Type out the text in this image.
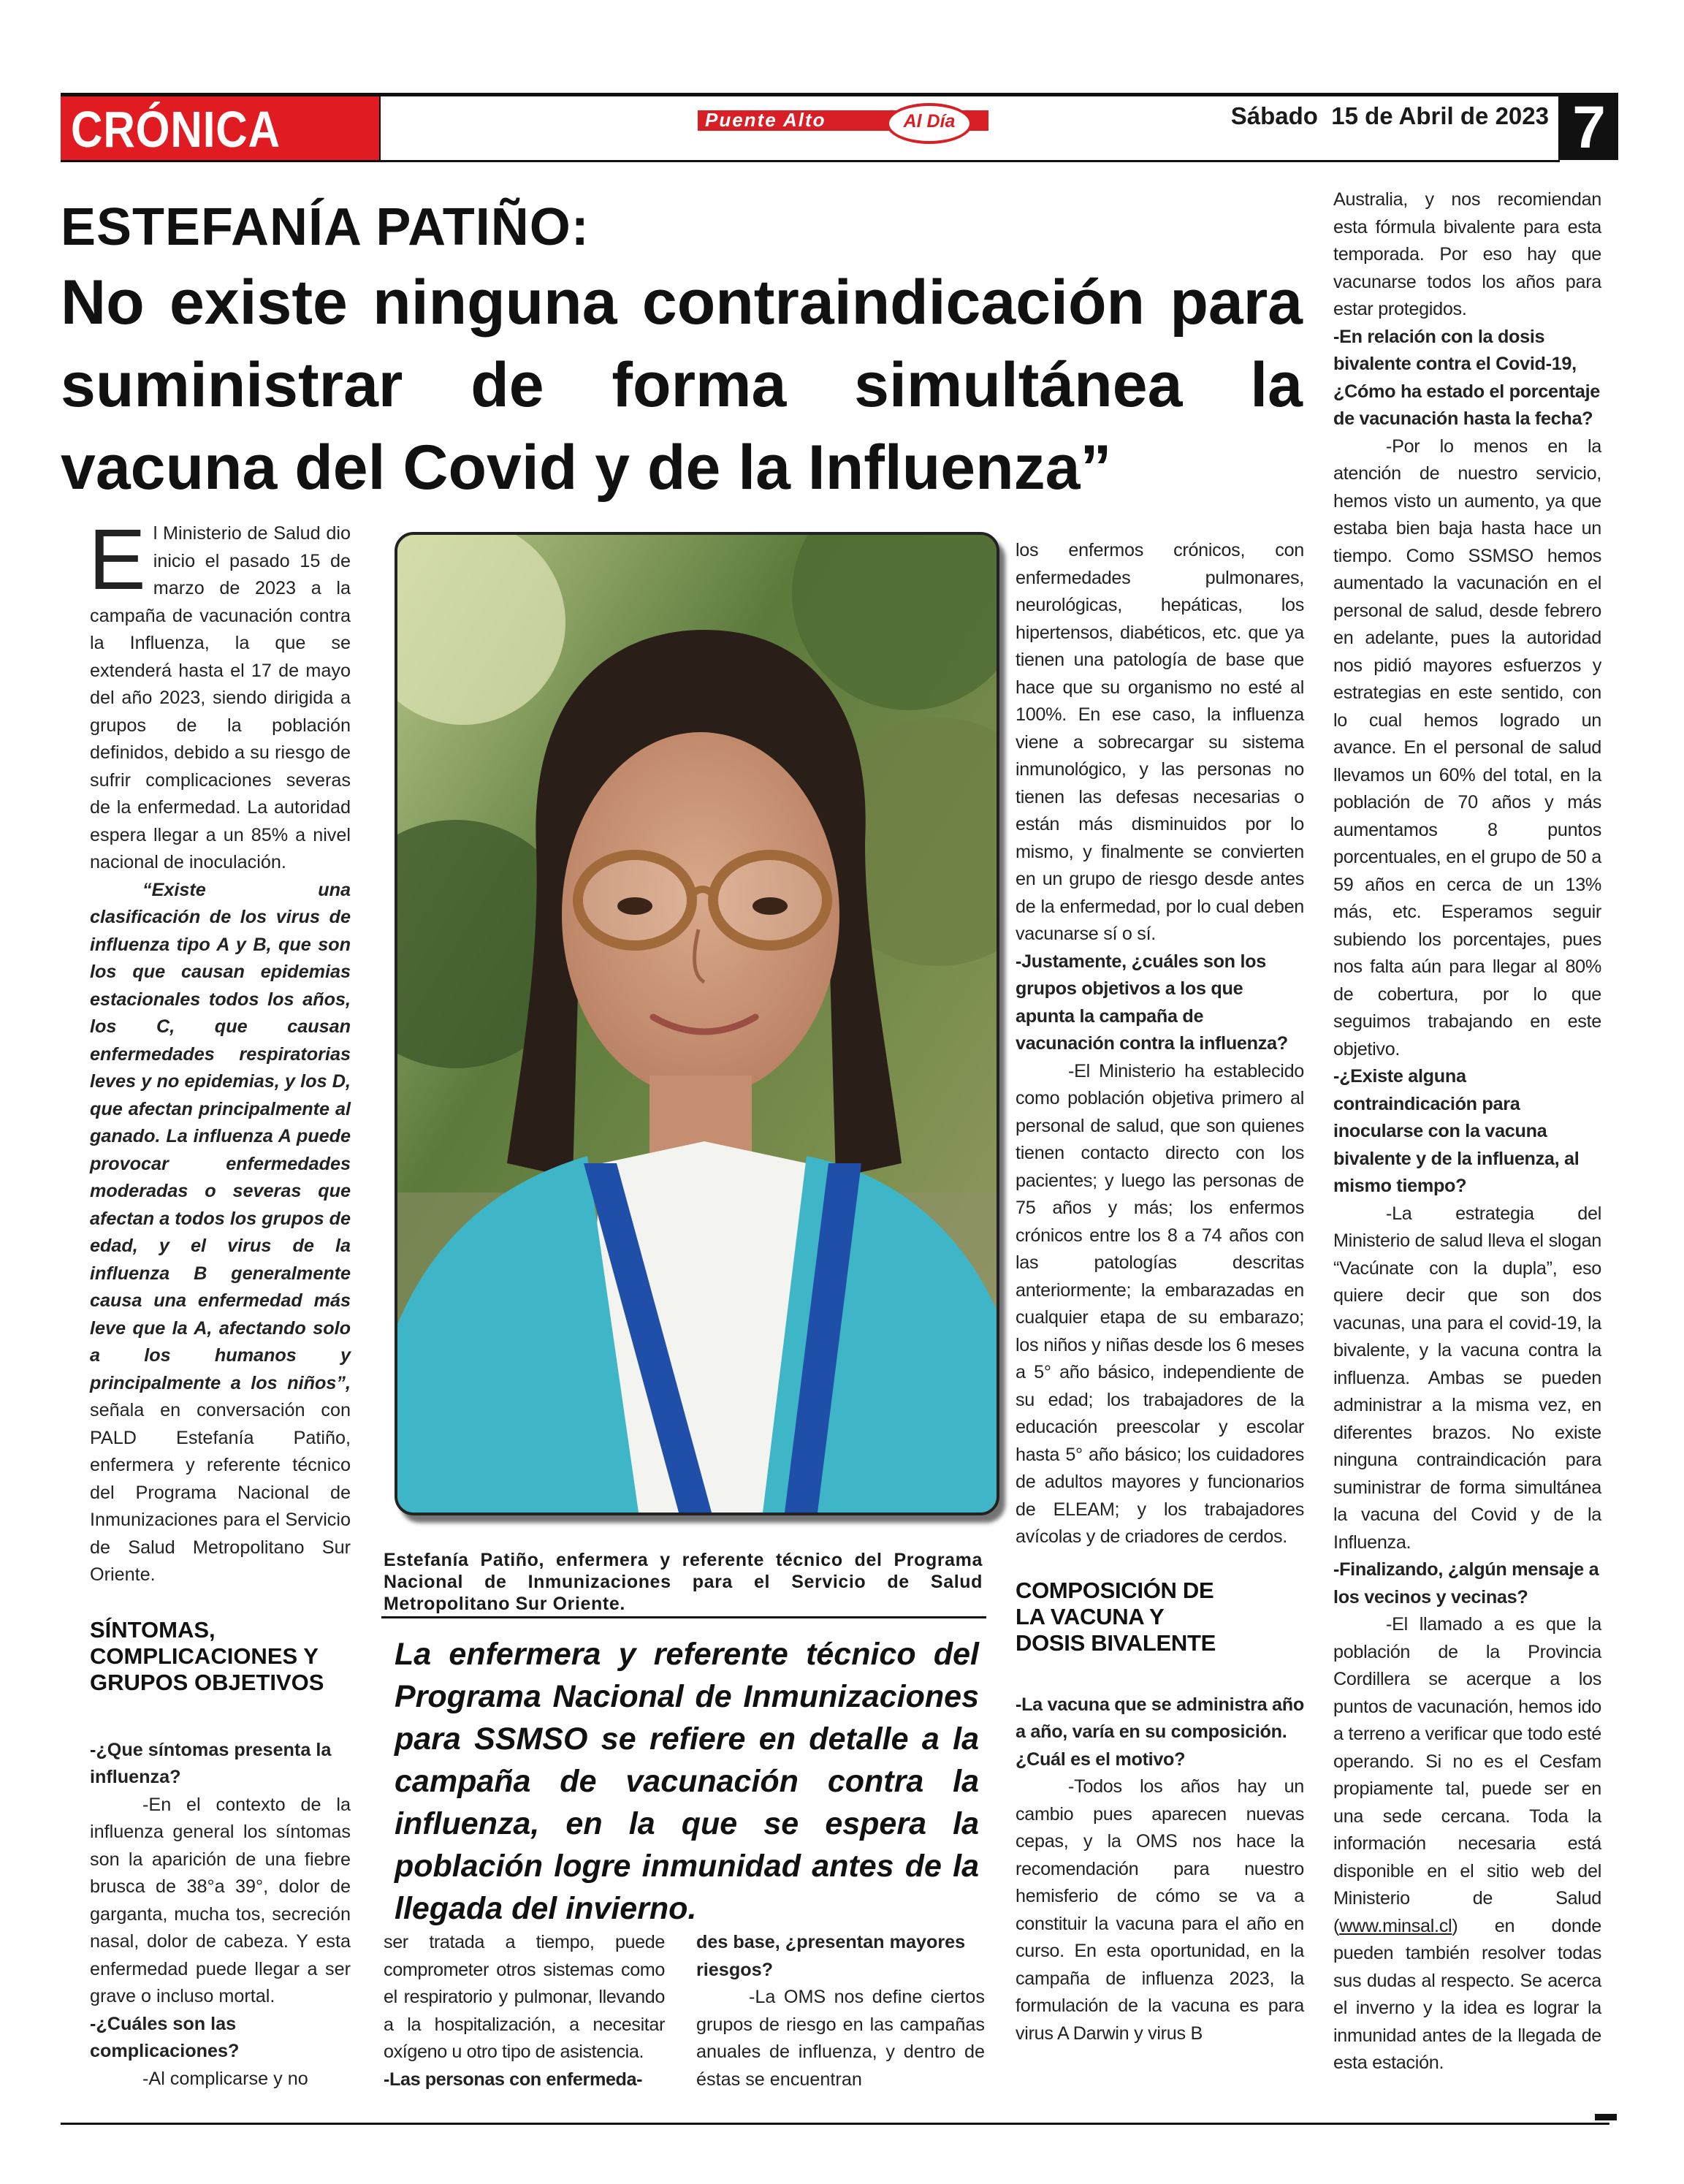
CRÓNICA	Puente Alto	Al Día	Sábado  15 de Abril de 2023 7
ESTEFANÍA PATIÑO:
No existe ninguna contraindicación para suministrar de forma simultánea la vacuna del Covid y de la Influenza”

El Ministerio de Salud dio inicio el pasado 15 de marzo de 2023 a la campaña de vacunación contra la Influenza, la que se extenderá hasta el 17 de mayo del año 2023, siendo dirigida a grupos de la población definidos, debido a su riesgo de sufrir complicaciones severas de la enfermedad. La autoridad espera llegar a un 85% a nivel nacional de inoculación.

“Existe una clasificación de los virus de influenza tipo A y B, que son los que causan epidemias estacionales todos los años, los C, que causan enfermedades respiratorias leves y no epidemias, y los D, que afectan principalmente al ganado. La influenza A puede provocar enfermedades moderadas o severas que afectan a todos los grupos de edad, y el virus de la influenza B generalmente causa una enfermedad más leve que la A, afectando solo a los humanos y principalmente a los niños”, señala en conversación con PALD Estefanía Patiño, enfermera y referente técnico del Programa Nacional de Inmunizaciones para el Servicio de Salud Metropolitano Sur Oriente.

SÍNTOMAS, COMPLICACIONES Y GRUPOS OBJETIVOS

-¿Que síntomas presenta la influenza?

-En el contexto de la influenza general los síntomas son la aparición de una fiebre brusca de 38°a 39°, dolor de garganta, mucha tos, secreción nasal, dolor de cabeza. Y esta enfermedad puede llegar a ser grave o incluso mortal.

-¿Cuáles son las complicaciones?

-Al complicarse y no

Estefanía Patiño, enfermera y referente técnico del Programa Nacional de Inmunizaciones para el Servicio de Salud Metropolitano Sur Oriente.
La enfermera y referente técnico del Programa Nacional de Inmunizaciones para SSMSO se refiere en detalle a la campaña de vacunación contra la influenza, en la que se espera la población logre inmunidad antes de la llegada del invierno.

ser tratada a tiempo, puede comprometer otros sistemas como el respiratorio y pulmonar, llevando a la hospitalización, a necesitar oxígeno u otro tipo de asistencia.

-Las personas con enfermeda-

des base, ¿presentan mayores riesgos?

-La OMS nos define ciertos grupos de riesgo en las campañas anuales de influenza, y dentro de éstas se encuentran

los enfermos crónicos, con enfermedades pulmonares, neurológicas, hepáticas, los hipertensos, diabéticos, etc. que ya tienen una patología de base que hace que su organismo no esté al 100%. En ese caso, la influenza viene a sobrecargar su sistema inmunológico, y las personas no tienen las defesas necesarias o están más disminuidos por lo mismo, y finalmente se convierten en un grupo de riesgo desde antes de la enfermedad, por lo cual deben vacunarse sí o sí.

-Justamente, ¿cuáles son los grupos objetivos a los que apunta la campaña de vacunación contra la influenza?

-El Ministerio ha establecido como población objetiva primero al personal de salud, que son quienes tienen contacto directo con los pacientes; y luego las personas de 75 años y más; los enfermos crónicos entre los 8 a 74 años con las patologías descritas anteriormente; la embarazadas en cualquier etapa de su embarazo; los niños y niñas desde los 6 meses a 5° año básico, independiente de su edad; los trabajadores de la educación preescolar y escolar hasta 5° año básico; los cuidadores de adultos mayores y funcionarios de ELEAM; y los trabajadores avícolas y de criadores de cerdos.

COMPOSICIÓN DE LA VACUNA Y DOSIS BIVALENTE

-La vacuna que se administra año a año, varía en su composición. ¿Cuál es el motivo?

-Todos los años hay un cambio pues aparecen nuevas cepas, y la OMS nos hace la recomendación para nuestro hemisferio de cómo se va a constituir la vacuna para el año en curso. En esta oportunidad, en la campaña de influenza 2023, la formulación de la vacuna es para virus A Darwin y virus B

Australia, y nos recomiendan esta fórmula bivalente para esta temporada. Por eso hay que vacunarse todos los años para estar protegidos.

-En relación con la dosis bivalente contra el Covid-19, ¿Cómo ha estado el porcentaje de vacunación hasta la fecha?

-Por lo menos en la atención de nuestro servicio, hemos visto un aumento, ya que estaba bien baja hasta hace un tiempo. Como SSMSO hemos aumentado la vacunación en el personal de salud, desde febrero en adelante, pues la autoridad nos pidió mayores esfuerzos y estrategias en este sentido, con lo cual hemos logrado un avance. En el personal de salud llevamos un 60% del total, en la población de 70 años y más aumentamos 8 puntos porcentuales, en el grupo de 50 a 59 años en cerca de un 13% más, etc. Esperamos seguir subiendo los porcentajes, pues nos falta aún para llegar al 80% de cobertura, por lo que seguimos trabajando en este objetivo.

-¿Existe alguna contraindicación para inocularse con la vacuna bivalente y de la influenza, al mismo tiempo?

-La estrategia del Ministerio de salud lleva el slogan “Vacúnate con la dupla”, eso quiere decir que son dos vacunas, una para el covid-19, la bivalente, y la vacuna contra la influenza. Ambas se pueden administrar a la misma vez, en diferentes brazos. No existe ninguna contraindicación para suministrar de forma simultánea la vacuna del Covid y de la Influenza.

-Finalizando, ¿algún mensaje a los vecinos y vecinas?

-El llamado a es que la población de la Provincia Cordillera se acerque a los puntos de vacunación, hemos ido a terreno a verificar que todo esté operando. Si no es el Cesfam propiamente tal, puede ser en una sede cercana. Toda la información necesaria está disponible en el sitio web del Ministerio de Salud (www.minsal.cl) en donde pueden también resolver todas sus dudas al respecto. Se acerca el inverno y la idea es lograr la inmunidad antes de la llegada de esta estación.
